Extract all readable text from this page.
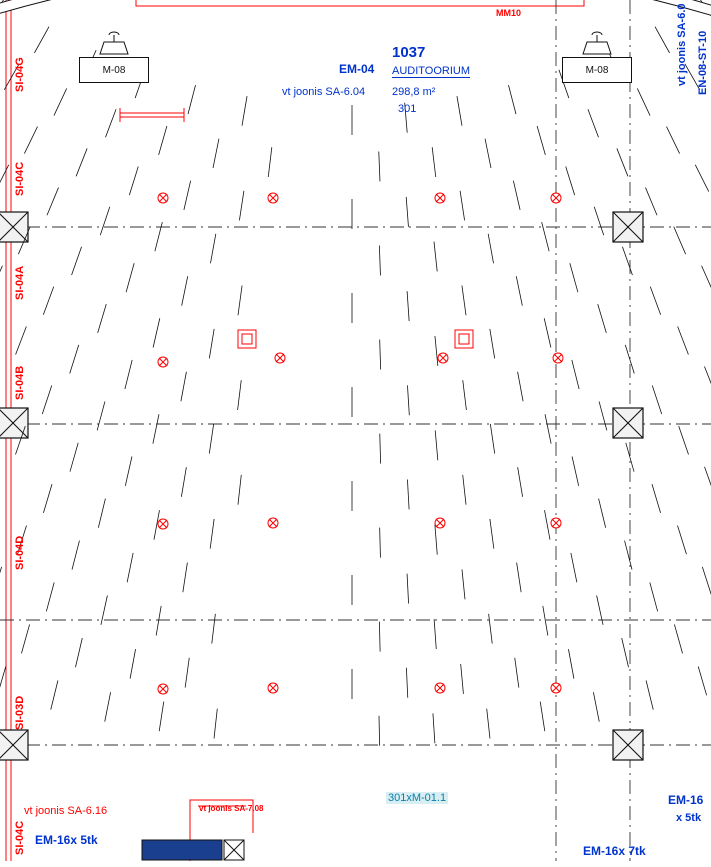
M-08	M-08
1037
AUDITOORIUM
298,8 m²
301
vt joonis SA-6.04
EM-04
MM10
vt joonis SA-6.16	vt joonis SA-7.08
EM-16x 5tk
EM-16x 7tk
EM-16
x 5tk
301xM-01.1
vt joonis SA-6.0 EN-08-ST-10
SI-04G
SI-04C
SI-04A
SI-04B
SI-04D
SI-03D
SI-04C
